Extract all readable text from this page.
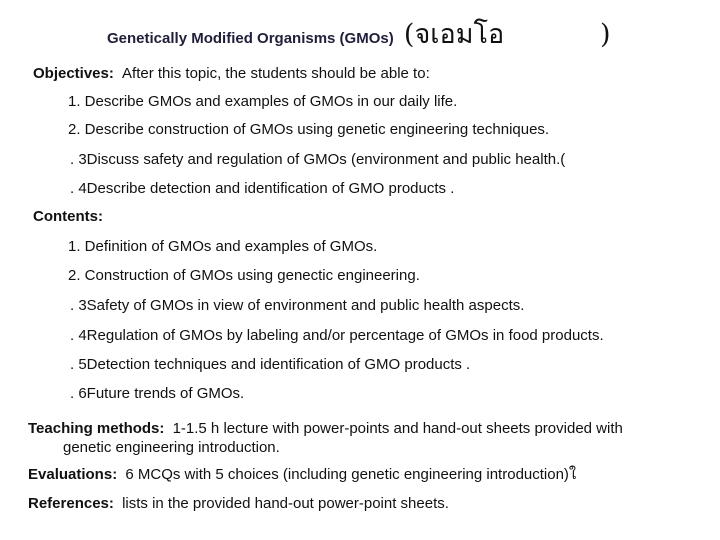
Genetically Modified Organisms (GMOs) (จเอมโอ	)
Objectives: After this topic, the students should be able to:
1. Describe GMOs and examples of GMOs in our daily life.
2. Describe construction of GMOs using genetic engineering techniques.
. 3Discuss safety and regulation of GMOs (environment and public health.(
. 4Describe detection and identification of GMO products .
Contents:
1. Definition of GMOs and examples of GMOs.
2. Construction of GMOs using genectic engineering.
. 3Safety of GMOs in view of environment and public health aspects.
. 4Regulation of GMOs by labeling and/or percentage of GMOs in food products.
. 5Detection techniques and identification of GMO products .
. 6Future trends of GMOs.
Teaching methods: 1-1.5 h lecture with power-points and hand-out sheets provided with
genetic engineering introduction.
Evaluations: 6 MCQs with 5 choices (including genetic engineering introduction)ใ
References: lists in the provided hand-out power-point sheets.
